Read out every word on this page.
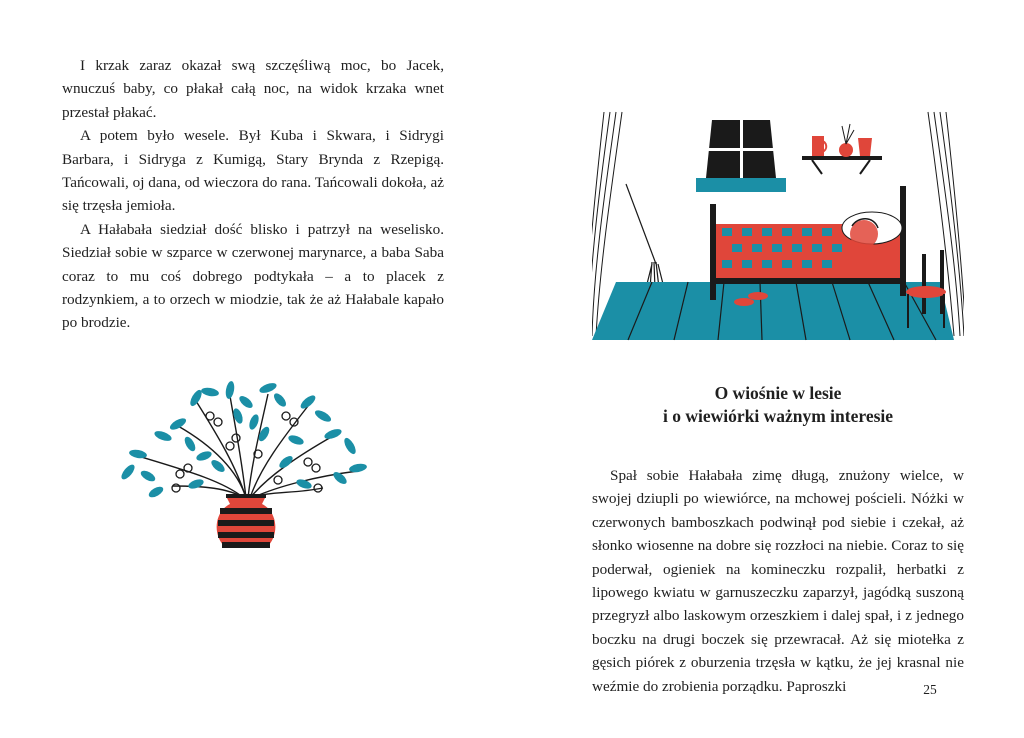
I krzak zaraz okazał swą szczęśliwą moc, bo Jacek, wnuczuś baby, co płakał całą noc, na widok krzaka wnet przestał płakać.

A potem było wesele. Był Kuba i Skwara, i Sidrygi Barbara, i Sidryga z Kumigą, Stary Brynda z Rzepigą. Tańcowali, oj dana, od wieczora do rana. Tańcowali dokoła, aż się trzęsła jemioła.

A Hałabała siedział dość blisko i patrzył na weselisko. Siedział sobie w szparce w czerwonej marynarce, a baba Saba coraz to mu coś dobrego podtykała – a to placek z rodzynkiem, a to orzech w miodzie, tak że aż Hałabale kapało po brodzie.

O wiośnie w lesie
i o wiewiórki ważnym interesie

Spał sobie Hałabała zimę długą, znużony wielce, w swojej dziupli po wiewiórce, na mchowej pościeli. Nóżki w czerwonych bamboszkach podwinął pod siebie i czekał, aż słonko wiosenne na dobre się rozzłoci na niebie. Coraz to się poderwał, ogieniek na komineczku rozpalił, herbatki z lipowego kwiatu w garnuszeczku zaparzył, jagódką suszoną przegryzł albo laskowym orzeszkiem i dalej spał, i z jednego boczku na drugi boczek się przewracał. Aż się miotełka z gęsich piórek z oburzenia trzęsła w kątku, że jej krasnal nie weźmie do zrobienia porządku. Paproszki	25
